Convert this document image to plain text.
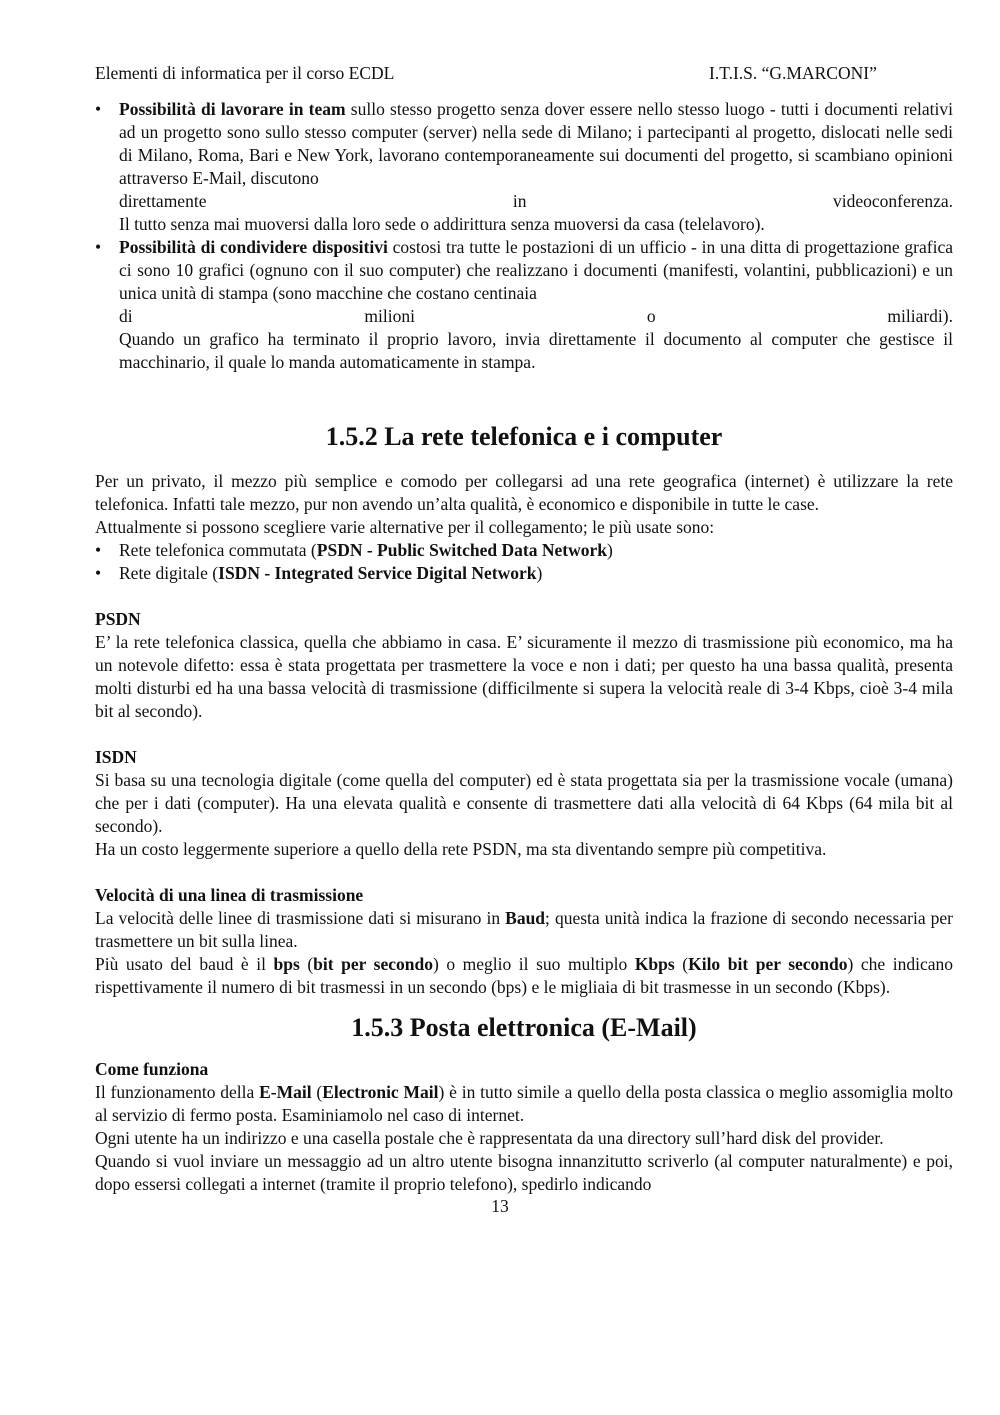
Elementi di informatica per il corso ECDL	I.T.I.S. “G.MARCONI”
•	Possibilità di lavorare in team sullo stesso progetto senza dover essere nello stesso luogo - tutti i documenti relativi ad un progetto sono sullo stesso computer (server) nella sede di Milano; i partecipanti al progetto, dislocati nelle sedi di Milano, Roma, Bari e New York, lavorano contemporaneamente sui documenti del progetto, si scambiano opinioni attraverso E-Mail, discutono

direttamente in videoconferenza.

Il tutto senza mai muoversi dalla loro sede o addirittura senza muoversi da casa (telelavoro).

•	Possibilità di condividere dispositivi costosi tra tutte le postazioni di un ufficio - in una ditta di progettazione grafica ci sono 10 grafici (ognuno con il suo computer) che realizzano i documenti (manifesti, volantini, pubblicazioni) e un unica unità di stampa (sono macchine che costano centinaia

di milioni o miliardi).

Quando un grafico ha terminato il proprio lavoro, invia direttamente il documento al computer che gestisce il macchinario, il quale lo manda automaticamente in stampa.

1.5.2 La rete telefonica e i computer

Per un privato, il mezzo più semplice e comodo per collegarsi ad una rete geografica (internet) è utilizzare la rete telefonica. Infatti tale mezzo, pur non avendo un’alta qualità, è economico e disponibile in tutte le case.

Attualmente si possono scegliere varie alternative per il collegamento; le più usate sono:

•	Rete telefonica commutata (PSDN - Public Switched Data Network)
•	Rete digitale (ISDN - Integrated Service Digital Network)

PSDN

E’ la rete telefonica classica, quella che abbiamo in casa. E’ sicuramente il mezzo di trasmissione più economico, ma ha un notevole difetto: essa è stata progettata per trasmettere la voce e non i dati; per questo ha una bassa qualità, presenta molti disturbi ed ha una bassa velocità di trasmissione (difficilmente si supera la velocità reale di 3-4 Kbps, cioè 3-4 mila bit al secondo).

ISDN

Si basa su una tecnologia digitale (come quella del computer) ed è stata progettata sia per la trasmissione vocale (umana) che per i dati (computer). Ha una elevata qualità e consente di trasmettere dati alla velocità di 64 Kbps (64 mila bit al secondo).

Ha un costo leggermente superiore a quello della rete PSDN, ma sta diventando sempre più competitiva.

Velocità di una linea di trasmissione

La velocità delle linee di trasmissione dati si misurano in Baud; questa unità indica la frazione di secondo necessaria per trasmettere un bit sulla linea.

Più usato del baud è il bps (bit per secondo) o meglio il suo multiplo Kbps (Kilo bit per secondo) che indicano rispettivamente il numero di bit trasmessi in un secondo (bps) e le migliaia di bit trasmesse in un secondo (Kbps).

1.5.3 Posta elettronica (E-Mail)

Come funziona

Il funzionamento della E-Mail (Electronic Mail) è in tutto simile a quello della posta classica o meglio assomiglia molto al servizio di fermo posta. Esaminiamolo nel caso di internet.

Ogni utente ha un indirizzo e una casella postale che è rappresentata da una directory sull’hard disk del provider.

Quando si vuol inviare un messaggio ad un altro utente bisogna innanzitutto scriverlo (al computer naturalmente) e poi, dopo essersi collegati a internet (tramite il proprio telefono), spedirlo indicando

13
